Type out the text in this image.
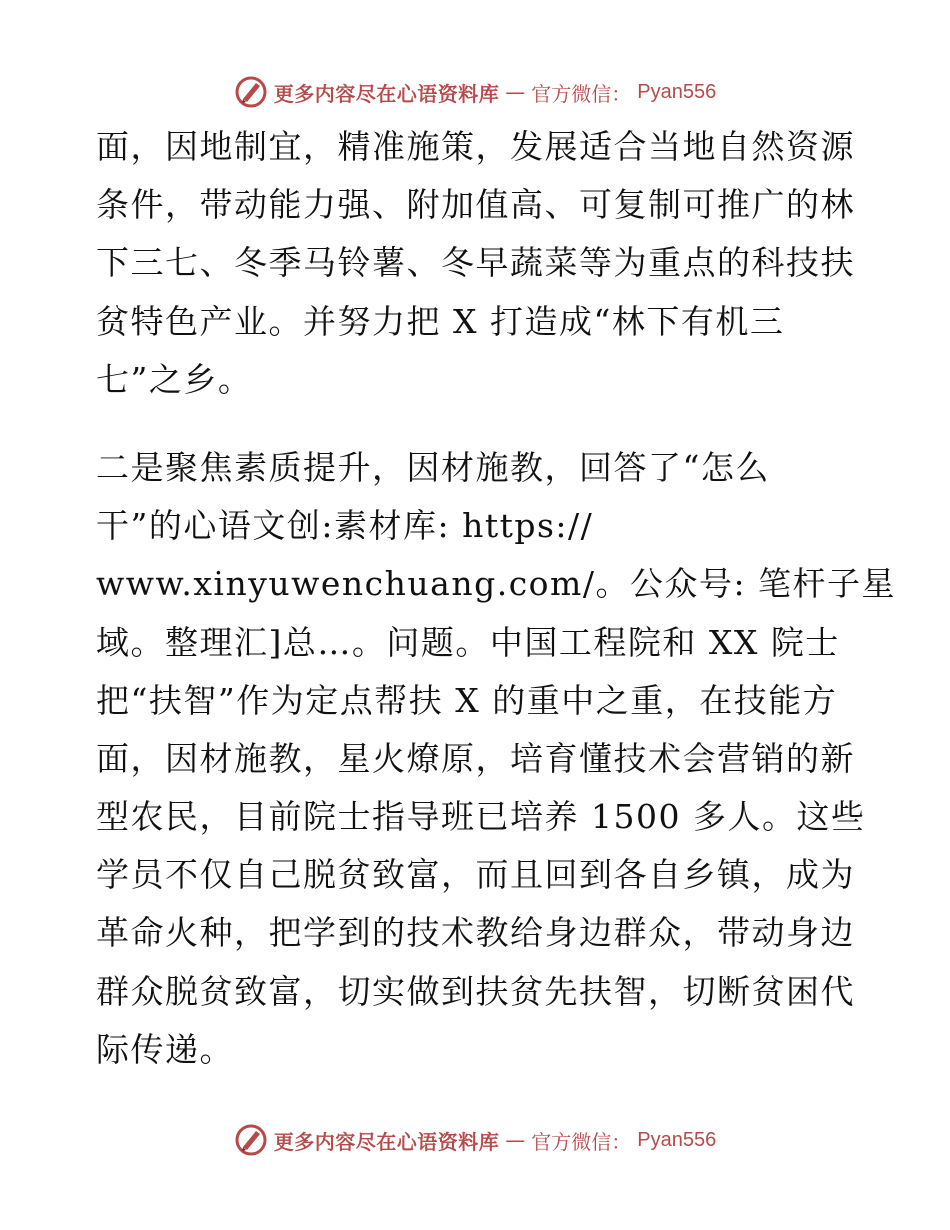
更多内容尽在心语资料库 — 官方微信： Pyan556
面，因地制宜，精准施策，发展适合当地自然资源
条件，带动能力强、附加值高、可复制可推广的林
下三七、冬季马铃薯、冬早蔬菜等为重点的科技扶
贫特色产业。并努力把 X 打造成“林下有机三
七”之乡。
二是聚焦素质提升，因材施教，回答了“怎么
干”的心语文创:素材库: https://
www.xinyuwenchuang.com/。公众号: 笔杆子星
域。整理汇]总…。问题。中国工程院和 XX 院士
把“扶智”作为定点帮扶 X 的重中之重，在技能方
面，因材施教，星火燎原，培育懂技术会营销的新
型农民，目前院士指导班已培养 1500 多人。这些
学员不仅自己脱贫致富，而且回到各自乡镇，成为
革命火种，把学到的技术教给身边群众，带动身边
群众脱贫致富，切实做到扶贫先扶智，切断贫困代
际传递。
更多内容尽在心语资料库 — 官方微信： Pyan556
